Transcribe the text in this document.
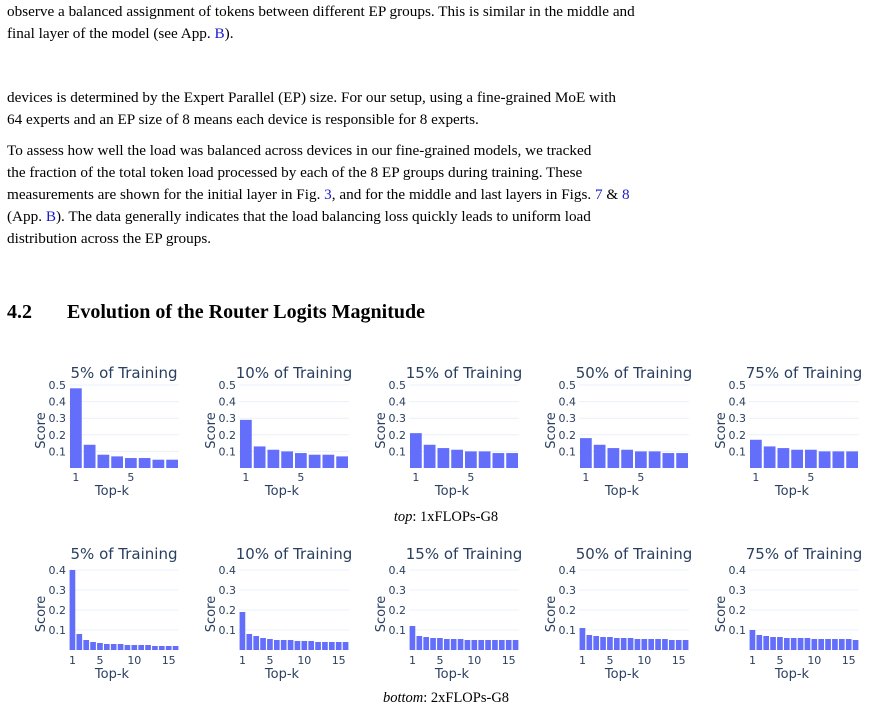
observe a balanced assignment of tokens between different EP groups. This is similar in the middle and
final layer of the model (see App. B).

devices is determined by the Expert Parallel (EP) size. For our setup, using a fine-grained MoE with
64 experts and an EP size of 8 means each device is responsible for 8 experts.

To assess how well the load was balanced across devices in our fine-grained models, we tracked
the fraction of the total token load processed by each of the 8 EP groups during training. These
measurements are shown for the initial layer in Fig. 3, and for the middle and last layers in Figs. 7 & 8
(App. B). The data generally indicates that the load balancing loss quickly leads to uniform load
distribution across the EP groups.

4.2 Evolution of the Router Logits Magnitude
0.1
0.2
0.3
0.4
0.5
1	5
5% of Training
Top-k
Score
0.1
0.2
0.3
0.4
0.5
1	5
10% of Training
Top-k
Score
0.1
0.2
0.3
0.4
0.5
1	5
15% of Training
Top-k
Score
0.1
0.2
0.3
0.4
0.5
1	5
50% of Training
Top-k
Score
0.1
0.2
0.3
0.4
0.5
1	5
75% of Training
Top-k
Score
0.1
0.2
0.3
0.4
1 5 10 15
5% of Training
Top-k
Score	0.1
0.2
0.3
0.4
1 5 10 15
10% of Training
Top-k
Score	0.1
0.2
0.3
0.4
1 5 10 15
15% of Training
Top-k
Score	0.1
0.2
0.3
0.4
1 5 10 15
50% of Training
Top-k
Score	0.1
0.2
0.3
0.4
1 5 10 15
75% of Training
Top-k
Score
top: 1xFLOPs-G8
bottom: 2xFLOPs-G8
